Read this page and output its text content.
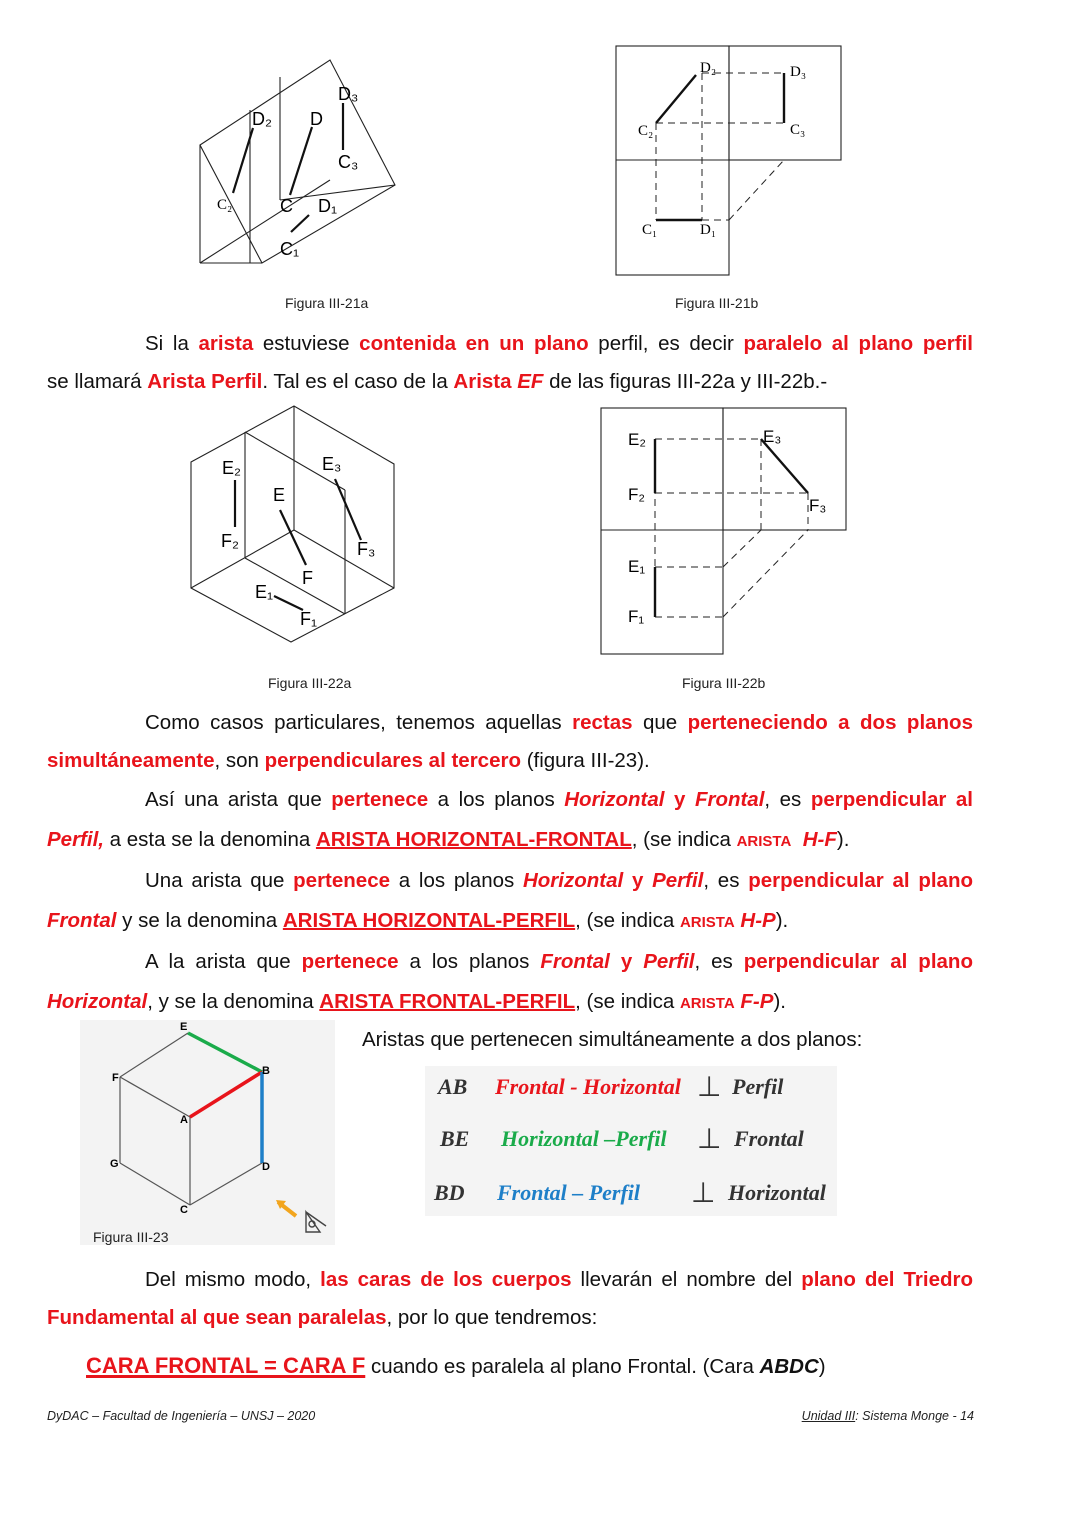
D₃
D₂ D
C₃
C₂	C D₁
C₁
Figura III-21a
D₂	D₃
C₂	C₃
C₁	D₁
Figura III-21b
Si la arista estuviese contenida en un plano perfil, es decir paralelo al plano perfil
se llamará Arista Perfil. Tal es el caso de la Arista EF de las figuras III-22a y III-22b.-
E₂	E₃
E
F₂	F₃
F
E₁
F₁
Figura III-22a
E₂	E₃
F₂
F₃
E₁
F₁
Figura III-22b
Como casos particulares, tenemos aquellas rectas que perteneciendo a dos planos
simultáneamente, son perpendiculares al tercero (figura III-23).
Así una arista que pertenece a los planos Horizontal y Frontal, es perpendicular al
Perfil, a esta se la denomina ARISTA HORIZONTAL-FRONTAL, (se indica ARISTA H-F).
Una arista que pertenece a los planos Horizontal y Perfil, es perpendicular al plano
Frontal y se la denomina ARISTA HORIZONTAL-PERFIL, (se indica ARISTA H-P).
A la arista que pertenece a los planos Frontal y Perfil, es perpendicular al plano
Horizontal, y se la denomina ARISTA FRONTAL-PERFIL, (se indica ARISTA F-P).
E
F
B
A
G	D
C
Figura III-23
Aristas que pertenecen simultáneamente a dos planos:
AB Frontal - Horizontal ⊥ Perfil
BE Horizontal –Perfil ⊥ Frontal
BD Frontal – Perfil ⊥ Horizontal
Del mismo modo, las caras de los cuerpos llevarán el nombre del plano del Triedro
Fundamental al que sean paralelas, por lo que tendremos:
CARA FRONTAL = CARA F cuando es paralela al plano Frontal. (Cara ABDC)
DyDAC – Facultad de Ingeniería – UNSJ – 2020	Unidad III: Sistema Monge - 14
